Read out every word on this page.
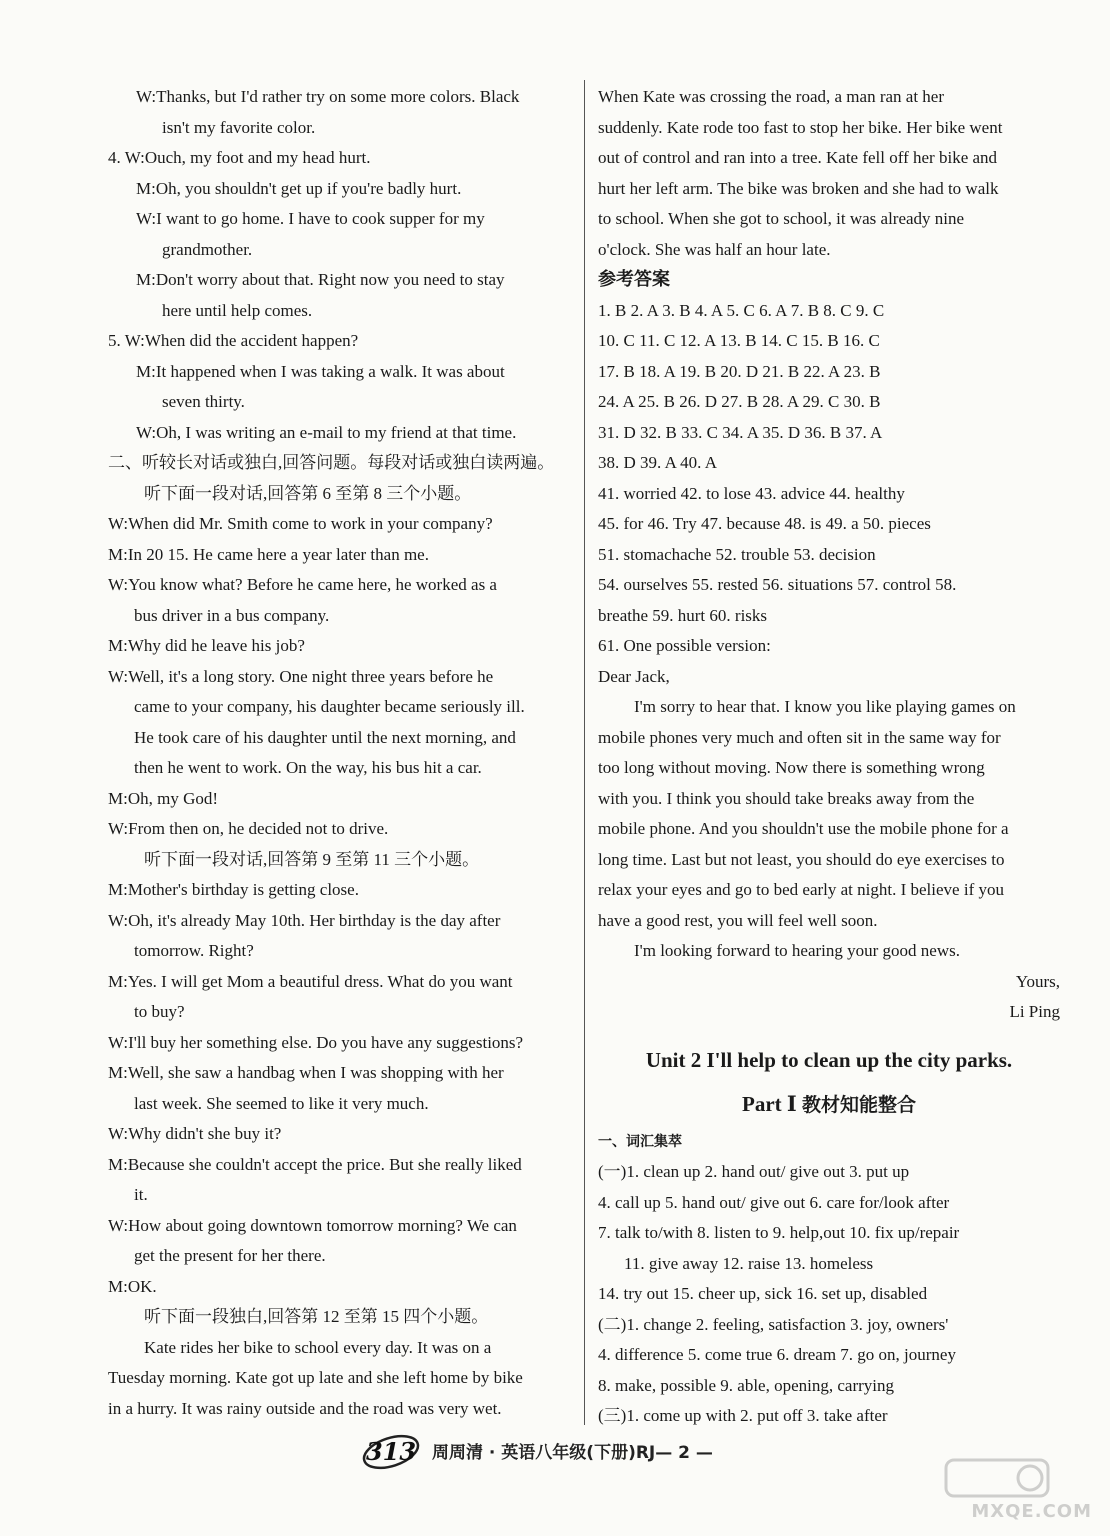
W:Thanks, but I'd rather try on some more colors. Black
isn't my favorite color.
4. W:Ouch, my foot and my head hurt.
M:Oh, you shouldn't get up if you're badly hurt.
W:I want to go home. I have to cook supper for my
grandmother.
M:Don't worry about that. Right now you need to stay
here until help comes.
5. W:When did the accident happen?
M:It happened when I was taking a walk. It was about
seven thirty.
W:Oh, I was writing an e-mail to my friend at that time.
二、听较长对话或独白,回答问题。每段对话或独白读两遍。
听下面一段对话,回答第 6 至第 8 三个小题。
W:When did Mr. Smith come to work in your company?
M:In 20 15. He came here a year later than me.
W:You know what? Before he came here, he worked as a
bus driver in a bus company.
M:Why did he leave his job?
W:Well, it's a long story. One night three years before he
came to your company, his daughter became seriously ill.
He took care of his daughter until the next morning, and
then he went to work. On the way, his bus hit a car.
M:Oh, my God!
W:From then on, he decided not to drive.
听下面一段对话,回答第 9 至第 11 三个小题。
M:Mother's birthday is getting close.
W:Oh, it's already May 10th. Her birthday is the day after
tomorrow. Right?
M:Yes. I will get Mom a beautiful dress. What do you want
to buy?
W:I'll buy her something else. Do you have any suggestions?
M:Well, she saw a handbag when I was shopping with her
last week. She seemed to like it very much.
W:Why didn't she buy it?
M:Because she couldn't accept the price. But she really liked
it.
W:How about going downtown tomorrow morning? We can
get the present for her there.
M:OK.
听下面一段独白,回答第 12 至第 15 四个小题。
Kate rides her bike to school every day. It was on a
Tuesday morning. Kate got up late and she left home by bike
in a hurry. It was rainy outside and the road was very wet.
When Kate was crossing the road, a man ran at her
suddenly. Kate rode too fast to stop her bike. Her bike went
out of control and ran into a tree. Kate fell off her bike and
hurt her left arm. The bike was broken and she had to walk
to school. When she got to school, it was already nine
o'clock. She was half an hour late.
参考答案
1. B 2. A 3. B 4. A 5. C 6. A 7. B 8. C 9. C
10. C 11. C 12. A 13. B 14. C 15. B 16. C
17. B 18. A 19. B 20. D 21. B 22. A 23. B
24. A 25. B 26. D 27. B 28. A 29. C 30. B
31. D 32. B 33. C 34. A 35. D 36. B 37. A
38. D 39. A 40. A
41. worried 42. to lose 43. advice 44. healthy
45. for 46. Try 47. because 48. is 49. a 50. pieces
51. stomachache 52. trouble 53. decision
54. ourselves 55. rested 56. situations 57. control 58.
breathe 59. hurt 60. risks
61. One possible version:
Dear Jack,
I'm sorry to hear that. I know you like playing games on
mobile phones very much and often sit in the same way for
too long without moving. Now there is something wrong
with you. I think you should take breaks away from the
mobile phone. And you shouldn't use the mobile phone for a
long time. Last but not least, you should do eye exercises to
relax your eyes and go to bed early at night. I believe if you
have a good rest, you will feel well soon.
I'm looking forward to hearing your good news.
Yours,
Li Ping
Unit 2 I'll help to clean up the city parks.
Part Ⅰ 教材知能整合
一、词汇集萃
(一)1. clean up 2. hand out/ give out 3. put up
4. call up 5. hand out/ give out 6. care for/look after
7. talk to/with 8. listen to 9. help,out 10. fix up/repair
11. give away 12. raise 13. homeless
14. try out 15. cheer up, sick 16. set up, disabled
(二)1. change 2. feeling, satisfaction 3. joy, owners'
4. difference 5. come true 6. dream 7. go on, journey
8. make, possible 9. able, opening, carrying
(三)1. come up with 2. put off 3. take after
313 周周清 · 英语八年级(下册)RJ— 2 —
MXQE.COM
